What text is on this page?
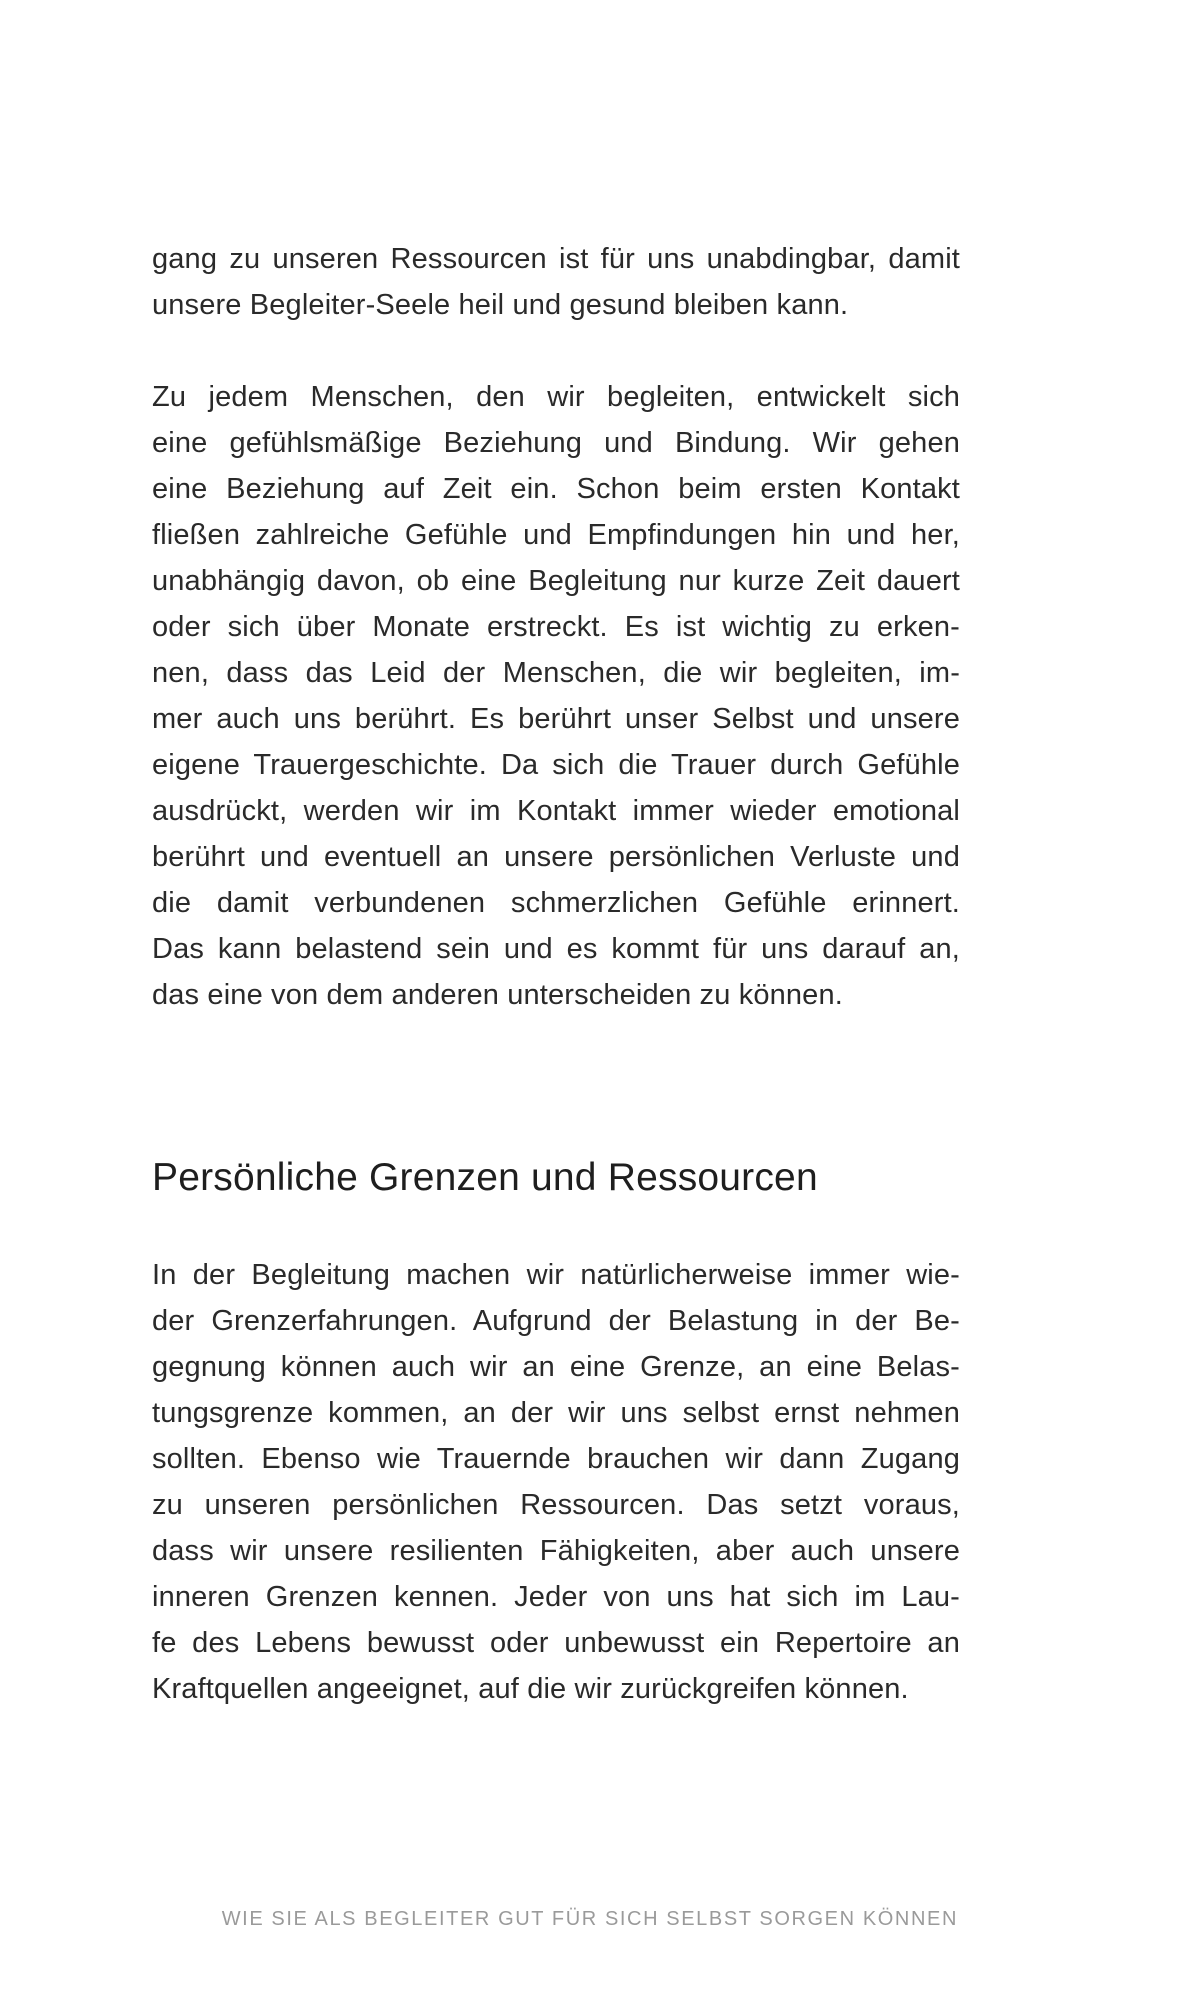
gang zu unseren Ressourcen ist für uns unabdingbar, damit
unsere Begleiter-Seele heil und gesund bleiben kann.
Zu jedem Menschen, den wir begleiten, entwickelt sich
eine gefühlsmäßige Beziehung und Bindung. Wir gehen
eine Beziehung auf Zeit ein. Schon beim ersten Kontakt
fließen zahlreiche Gefühle und Empfindungen hin und her,
unabhängig davon, ob eine Begleitung nur kurze Zeit dauert
oder sich über Monate erstreckt. Es ist wichtig zu erken-
nen, dass das Leid der Menschen, die wir begleiten, im-
mer auch uns berührt. Es berührt unser Selbst und unsere
eigene Trauergeschichte. Da sich die Trauer durch Gefühle
ausdrückt, werden wir im Kontakt immer wieder emotional
berührt und eventuell an unsere persönlichen Verluste und
die damit verbundenen schmerzlichen Gefühle erinnert.
Das kann belastend sein und es kommt für uns darauf an,
das eine von dem anderen unterscheiden zu können.
Persönliche Grenzen und Ressourcen
In der Begleitung machen wir natürlicherweise immer wie-
der Grenzerfahrungen. Aufgrund der Belastung in der Be-
gegnung können auch wir an eine Grenze, an eine Belas-
tungsgrenze kommen, an der wir uns selbst ernst nehmen
sollten. Ebenso wie Trauernde brauchen wir dann Zugang
zu unseren persönlichen Ressourcen. Das setzt voraus,
dass wir unsere resilienten Fähigkeiten, aber auch unsere
inneren Grenzen kennen. Jeder von uns hat sich im Lau-
fe des Lebens bewusst oder unbewusst ein Repertoire an
Kraftquellen angeeignet, auf die wir zurückgreifen können.
WIE SIE ALS BEGLEITER GUT FÜR SICH SELBST SORGEN KÖNNEN
